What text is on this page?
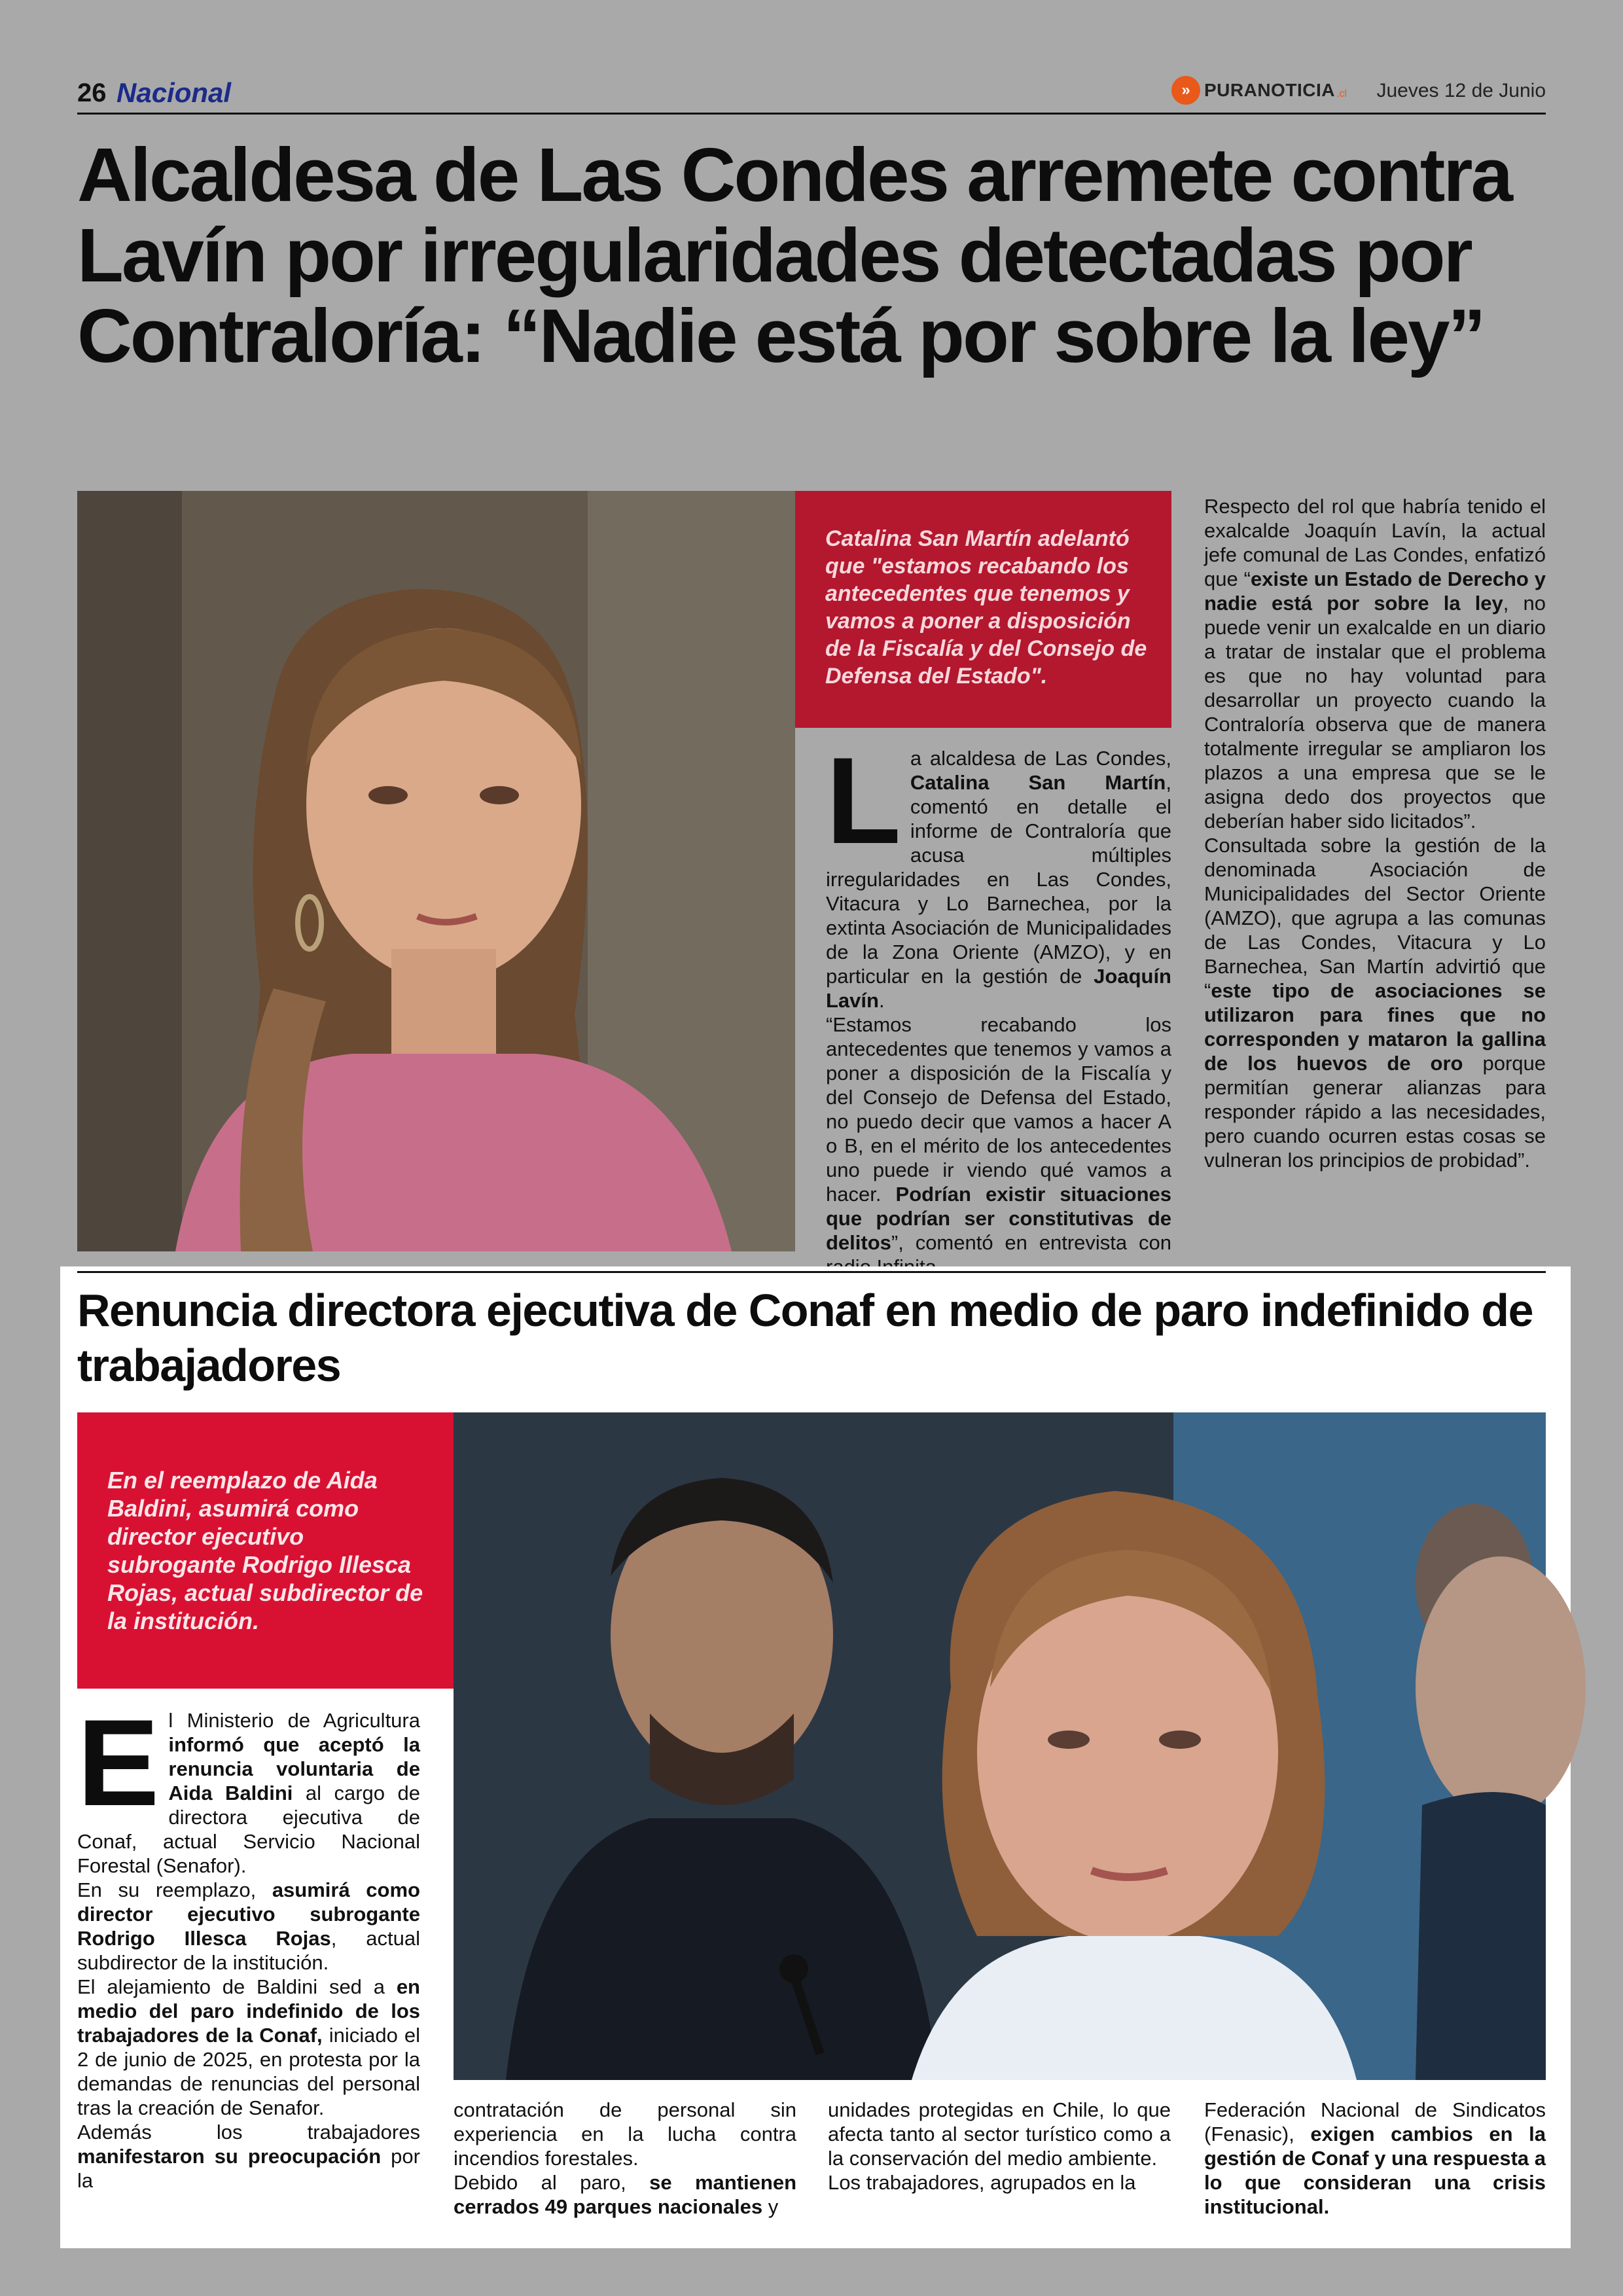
26 Nacional	» PURANOTICIA .cl Jueves 12 de Junio
Alcaldesa de Las Condes arremete contra Lavín por irregularidades detectadas por Contraloría: “Nadie está por sobre la ley”
Catalina San Martín adelantó que "estamos recabando los antecedentes que tenemos y vamos a poner a disposición de la Fiscalía y del Consejo de Defensa del Estado".

La alcaldesa de Las Condes, Catalina San Martín, comentó en detalle el informe de Contraloría que acusa múltiples irregularidades en Las Condes, Vitacura y Lo Barnechea, por la extinta Asociación de Municipalidades de la Zona Oriente (AMZO), y en particular en la gestión de Joaquín Lavín.

“Estamos recabando los antecedentes que tenemos y vamos a poner a disposición de la Fiscalía y del Consejo de Defensa del Estado, no puedo decir que vamos a hacer A o B, en el mérito de los antecedentes uno puede ir viendo qué vamos a hacer. Podrían existir situaciones que podrían ser constitutivas de delitos”, comentó en entrevista con

Respecto del rol que habría tenido el exalcalde Joaquín Lavín, la actual jefe comunal de Las Condes, enfatizó que “existe un Estado de Derecho y nadie está por sobre la ley, no puede venir un exalcalde en un diario a tratar de instalar que el problema es que no hay voluntad para desarrollar un proyecto cuando la Contraloría observa que de manera totalmente irregular se ampliaron los plazos a una empresa que se le asigna dedo dos proyectos que deberían haber sido licitados”.

Consultada sobre la gestión de la denominada Asociación de Municipalidades del Sector Oriente (AMZO), que agrupa a las comunas de Las Condes, Vitacura y Lo Barnechea, San Martín advirtió que “este tipo de asociaciones se utilizaron para fines que no corresponden y mataron la gallina de los huevos de oro porque permitían generar alianzas para responder rápido a las necesidades, pero cuando ocurren estas cosas se vulneran los principios de probidad”.

Renuncia directora ejecutiva de Conaf en medio de paro indefinido de trabajadores
En el reemplazo de Aida Baldini, asumirá como director ejecutivo subrogante Rodrigo Illesca Rojas, actual subdirector de la institución.

El Ministerio de Agricultura informó que aceptó la renuncia voluntaria de Aida Baldini al cargo de directora ejecutiva de Conaf, actual Servicio Nacional Forestal (Senafor).

En su reemplazo, asumirá como director ejecutivo subrogante Rodrigo Illesca Rojas, actual subdirector de la institución.

El alejamiento de Baldini sed a en medio del paro indefinido de los trabajadores de la Conaf, iniciado el 2 de junio de 2025, en protesta por la demandas de renuncias del personal tras la creación de Senafor.

Además los trabajadores manifestaron su preocupación por la

contratación de personal sin experiencia en la lucha contra incendios forestales.

Debido al paro, se mantienen cerrados 49 parques nacionales y

unidades protegidas en Chile, lo que afecta tanto al sector turístico como a la conservación del medio ambiente.

Los trabajadores, agrupados en la

Federación Nacional de Sindicatos (Fenasic), exigen cambios en la gestión de Conaf y una respuesta a lo que consideran una crisis institucional.
